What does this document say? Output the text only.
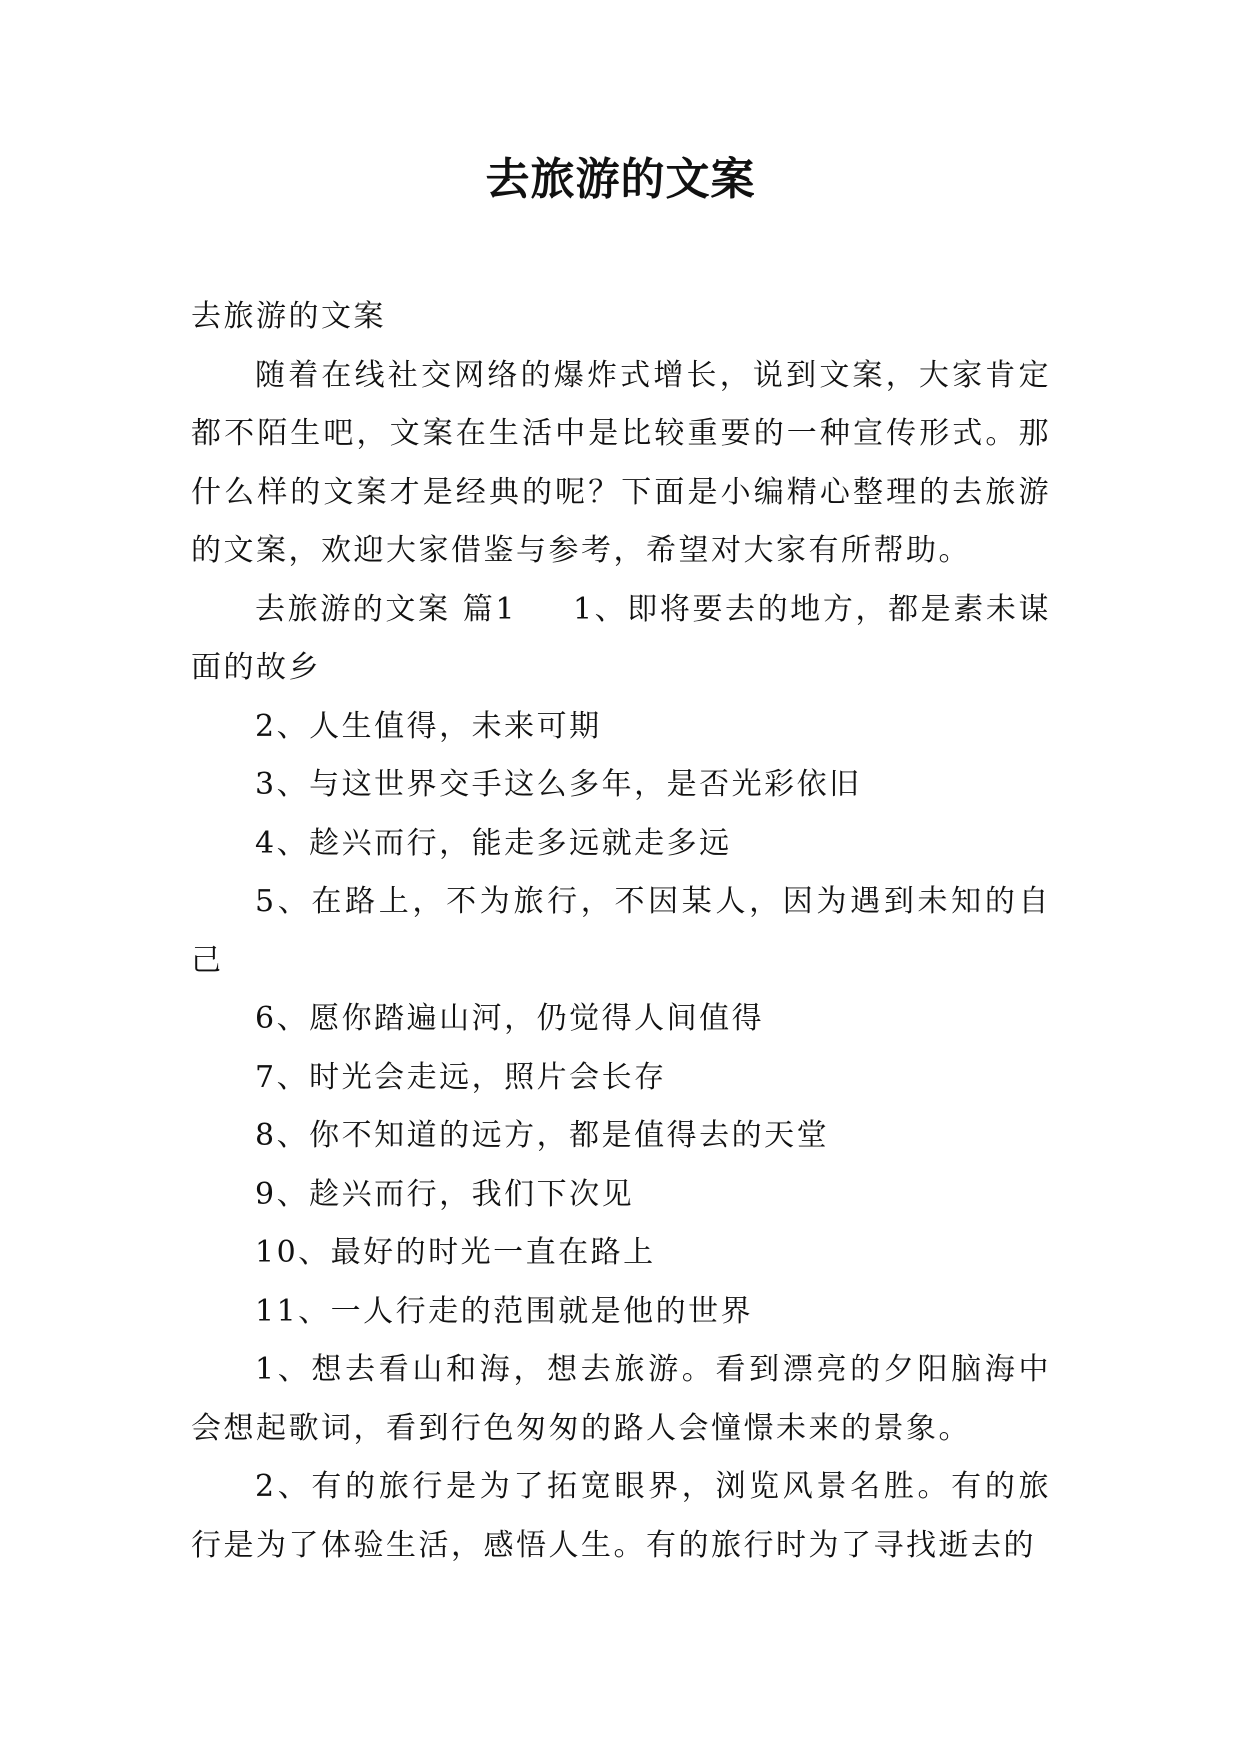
去旅游的文案

去旅游的文案

随着在线社交网络的爆炸式增长，说到文案，大家肯定都不陌生吧，文案在生活中是比较重要的一种宣传形式。那什么样的文案才是经典的呢？下面是小编精心整理的去旅游的文案，欢迎大家借鉴与参考，希望对大家有所帮助。

去旅游的文案 篇1 1、即将要去的地方，都是素未谋面的故乡

2、人生值得，未来可期

3、与这世界交手这么多年，是否光彩依旧

4、趁兴而行，能走多远就走多远

5、在路上，不为旅行，不因某人，因为遇到未知的自己

6、愿你踏遍山河，仍觉得人间值得

7、时光会走远，照片会长存

8、你不知道的远方，都是值得去的天堂

9、趁兴而行，我们下次见

10、最好的时光一直在路上

11、一人行走的范围就是他的世界

1、想去看山和海，想去旅游。看到漂亮的夕阳脑海中会想起歌词，看到行色匆匆的路人会憧憬未来的景象。

2、有的旅行是为了拓宽眼界，浏览风景名胜。有的旅行是为了体验生活，感悟人生。有的旅行时为了寻找逝去的
